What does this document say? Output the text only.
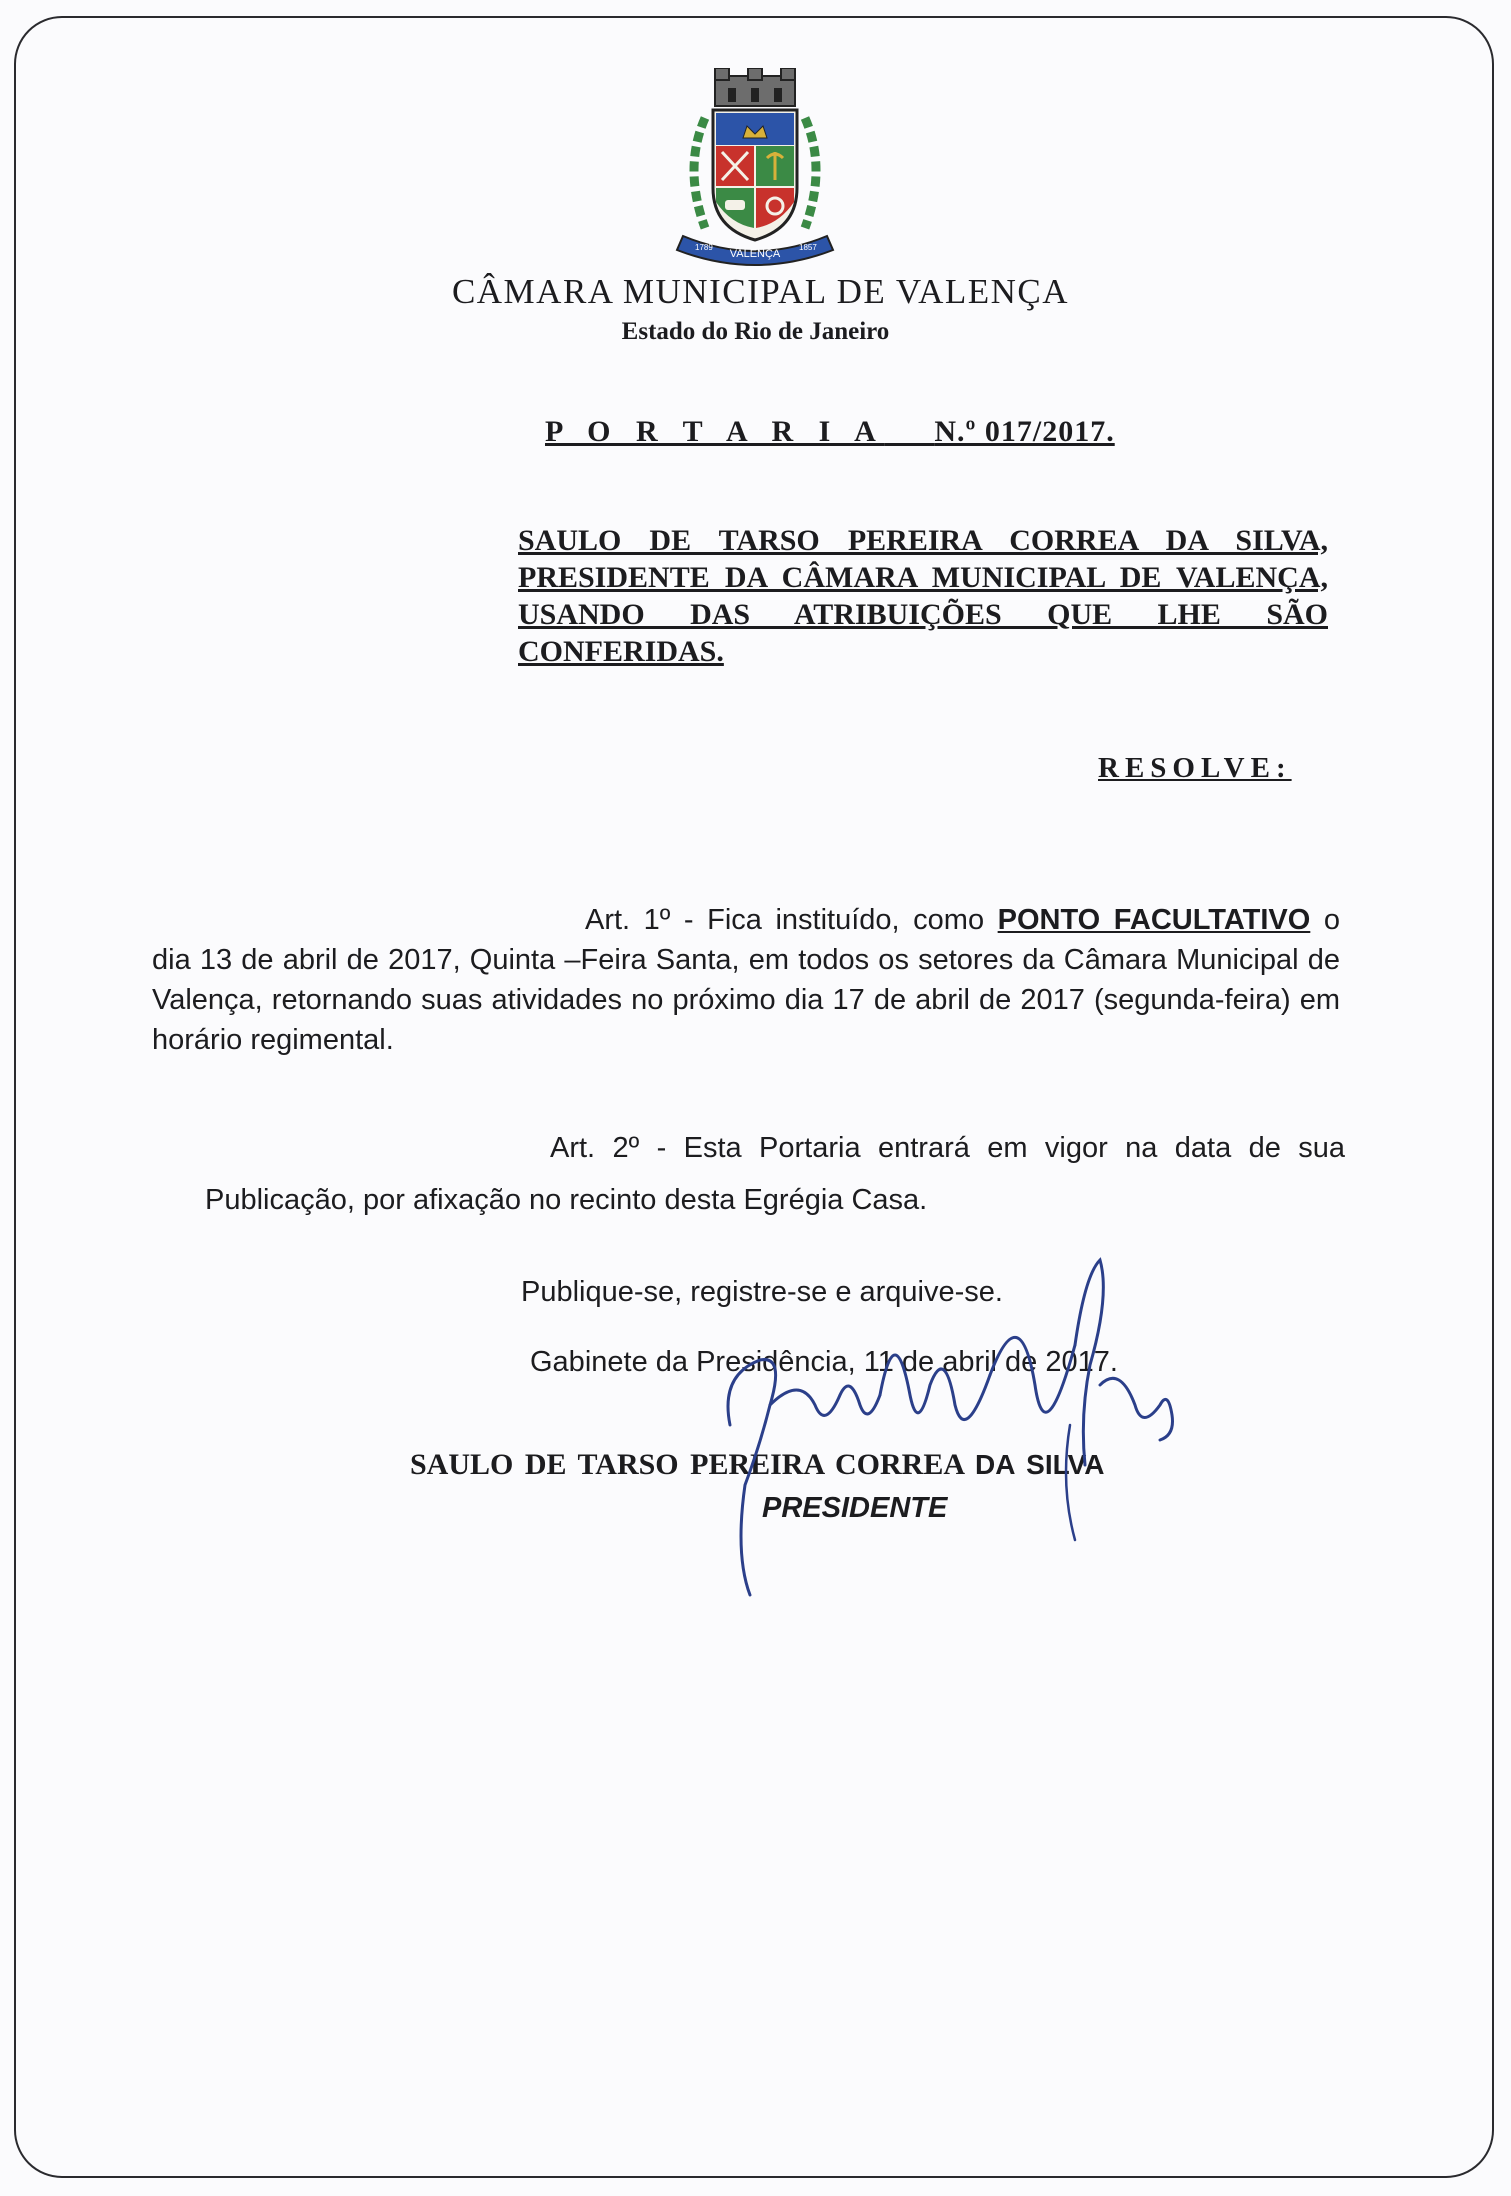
VALENÇA
1789	1857
CÂMARA MUNICIPAL DE VALENÇA
Estado do Rio de Janeiro
P O R T A R I A N.º 017/2017.
SAULO DE TARSO PEREIRA CORREA DA SILVA, PRESIDENTE DA CÂMARA MUNICIPAL DE VALENÇA, USANDO DAS ATRIBUIÇÕES QUE LHE SÃO CONFERIDAS.
RESOLVE:
Art. 1º - Fica instituído, como PONTO FACULTATIVO o dia 13 de abril de 2017, Quinta –Feira Santa, em todos os setores da Câmara Municipal de Valença, retornando suas atividades no próximo dia 17 de abril de 2017 (segunda-feira) em horário regimental.
Art. 2º - Esta Portaria entrará em vigor na data de sua Publicação, por afixação no recinto desta Egrégia Casa.
Publique-se, registre-se e arquive-se.
Gabinete da Presidência, 11 de abril de 2017.
SAULO DE TARSO PEREIRA CORREA DA SILVA
PRESIDENTE
